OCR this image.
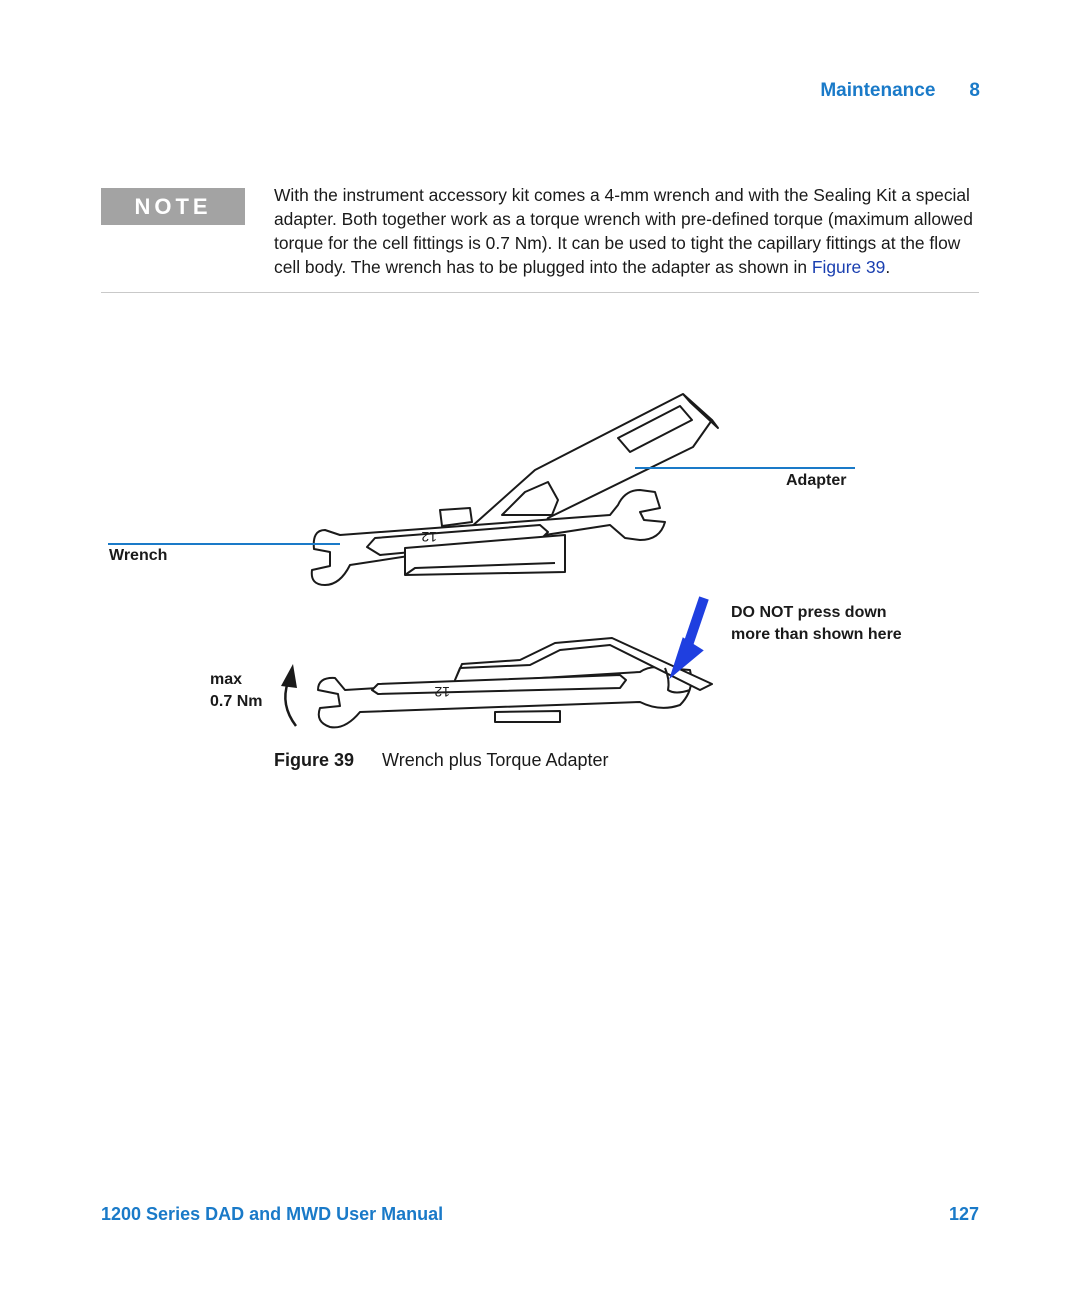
Maintenance 8
NOTE	With the instrument accessory kit comes a 4-mm wrench and with the Sealing Kit a special adapter. Both together work as a torque wrench with pre-defined torque (maximum allowed torque for the cell fittings is 0.7 Nm). It can be used to tight the capillary fittings at the flow cell body. The wrench has to be plugged into the adapter as shown in Figure 39.
12
12
Adapter
Wrench
DO NOT press down
more than shown here
max
0.7 Nm
Figure 39 Wrench plus Torque Adapter
1200 Series DAD and MWD User Manual	127
